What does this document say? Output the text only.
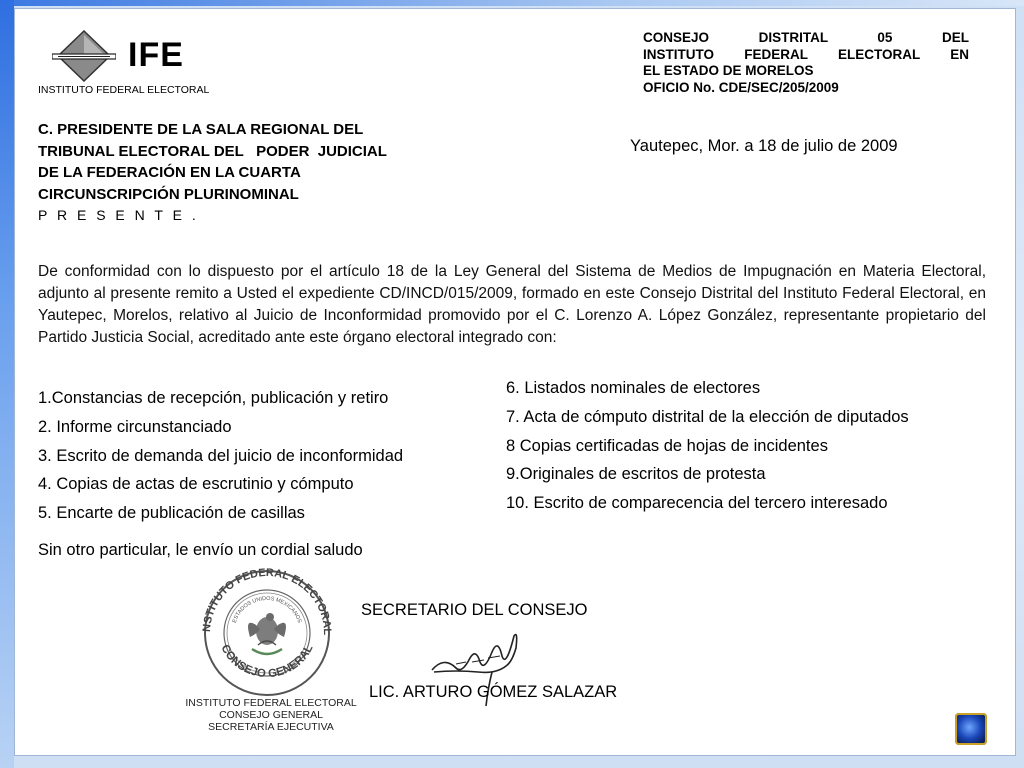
IFE
INSTITUTO FEDERAL ELECTORAL
CONSEJO DISTRITAL 05 DEL
INSTITUTO FEDERAL ELECTORAL EN
EL ESTADO DE MORELOS
OFICIO No. CDE/SEC/205/2009
Yautepec, Mor. a 18 de julio de 2009
C. PRESIDENTE DE LA SALA REGIONAL DEL
TRIBUNAL ELECTORAL DEL   PODER  JUDICIAL
DE LA FEDERACIÓN EN LA CUARTA
CIRCUNSCRIPCIÓN PLURINOMINAL
P R E S E N T E .
De conformidad con lo dispuesto por el artículo 18 de la Ley General del Sistema de Medios de Impugnación en Materia Electoral, adjunto al presente remito a Usted el expediente CD/INCD/015/2009, formado en este Consejo Distrital del Instituto Federal Electoral, en Yautepec, Morelos, relativo al Juicio de Inconformidad promovido por el C. Lorenzo A. López González, representante propietario del Partido Justicia Social, acreditado ante este órgano electoral integrado con:
1.Constancias de recepción, publicación y retiro
2. Informe circunstanciado
3. Escrito de demanda del juicio de inconformidad
4. Copias de actas de escrutinio y cómputo
5. Encarte de publicación de casillas
6. Listados nominales de electores
7. Acta de cómputo distrital de la elección de diputados
8 Copias certificadas de hojas de incidentes
9.Originales de escritos de protesta
10. Escrito de comparecencia del tercero interesado
Sin otro particular, le envío un cordial saludo
NSTITUTO FEDERAL ELECTORAL
CONSEJO GENERAL
ESTADOS UNIDOS MEXICANOS
INSTITUTO FEDERAL ELECTORAL
CONSEJO GENERAL
SECRETARÍA EJECUTIVA
SECRETARIO DEL CONSEJO
LIC. ARTURO GÓMEZ SALAZAR
